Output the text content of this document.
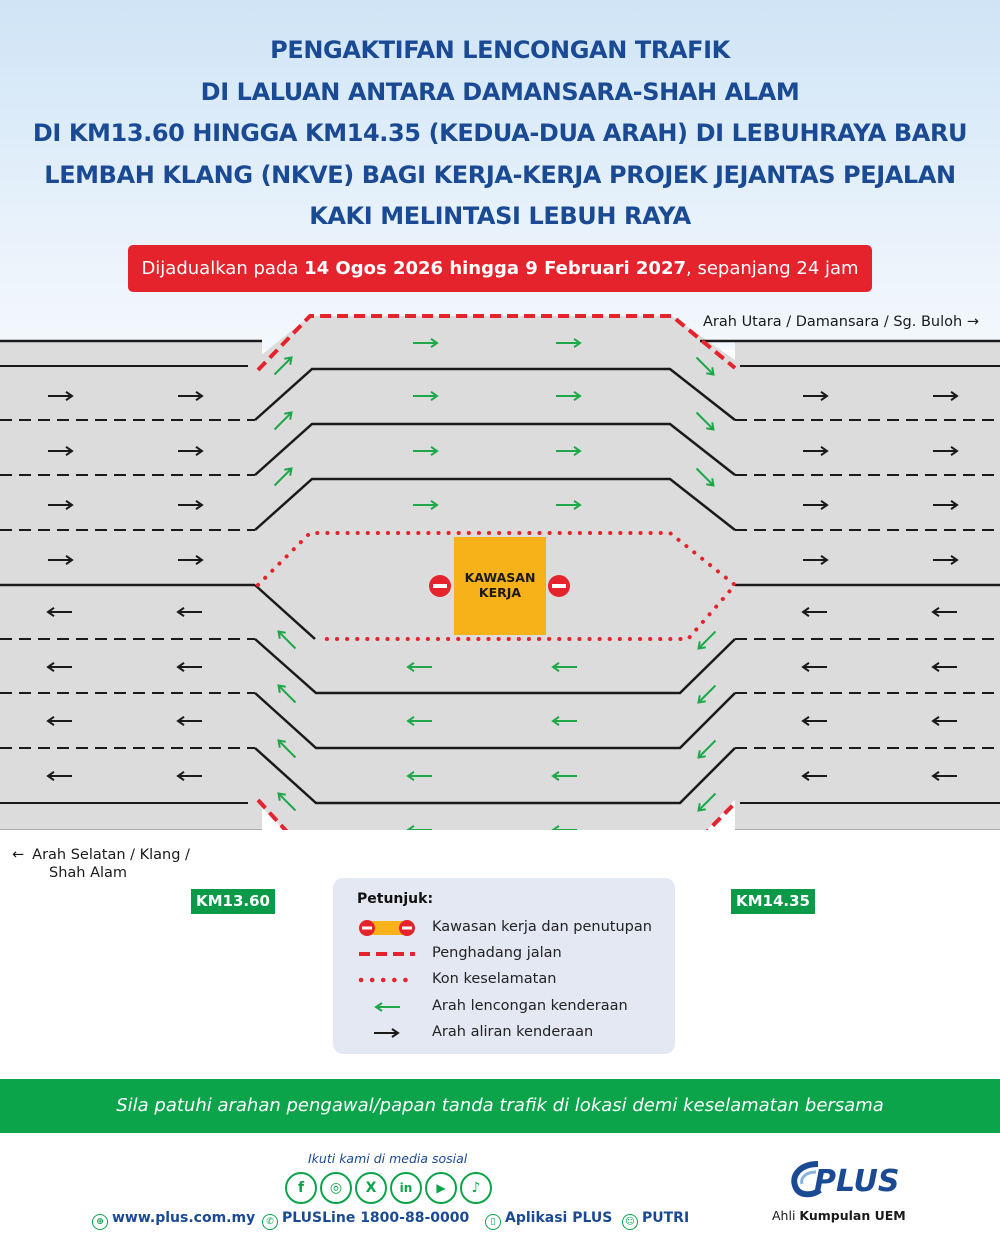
PENGAKTIFAN LENCONGAN TRAFIK
DI LALUAN ANTARA DAMANSARA-SHAH ALAM
DI KM13.60 HINGGA KM14.35 (KEDUA-DUA ARAH) DI LEBUHRAYA BARU
LEMBAH KLANG (NKVE) BAGI KERJA-KERJA PROJEK JEJANTAS PEJALAN
KAKI MELINTASI LEBUH RAYA
Dijadualkan pada 14 Ogos 2026 hingga 9 Februari 2027, sepanjang 24 jam
KAWASAN
KERJA
Arah Utara / Damansara / Sg. Buloh →
← Arah Selatan / Klang /
Shah Alam
KM13.60	KM14.35
Petunjuk:
Kawasan kerja dan penutupan
Penghadang jalan
Kon keselamatan
Arah lencongan kenderaan
Arah aliran kenderaan
Sila patuhi arahan pengawal/papan tanda trafik di lokasi demi keselamatan bersama
Ikuti kami di media sosial
f	◎	X	in	▶	♪
⊕ www.plus.com.my	✆ PLUSLine 1800-88-0000	▯ Aplikasi PLUS	☺ PUTRI
PLUS
Ahli Kumpulan UEM
